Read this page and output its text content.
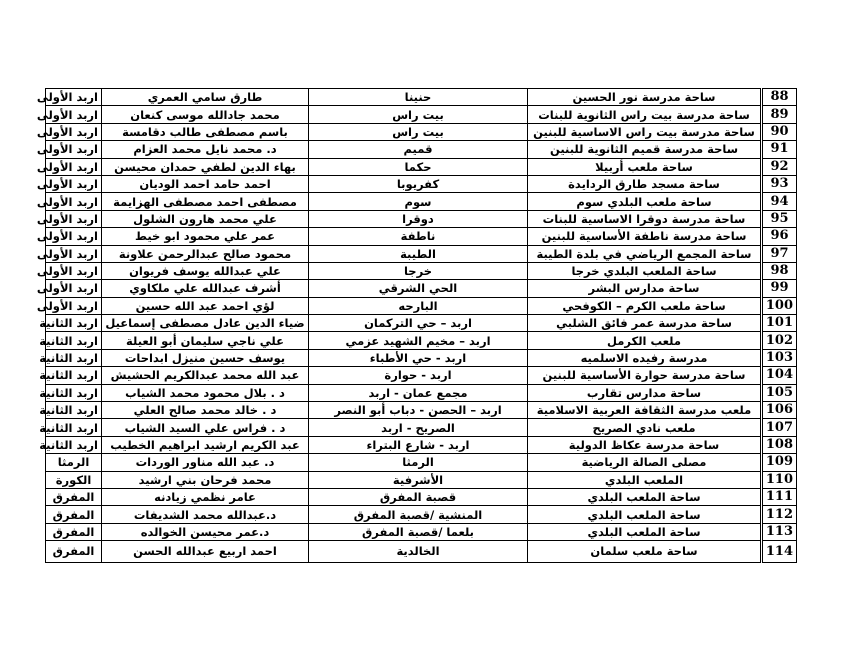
88	ساحة مدرسة نور الحسين	حنينا	طارق سامي العمري	اربد الأولى
89	ساحة مدرسة بيت راس الثانوية للبنات	بيت راس	محمد جادالله موسى كنعان	اربد الأولى
90	ساحة مدرسة بيت راس الاساسية للبنين	بيت راس	باسم مصطفى طالب دقامسة	اربد الأولى
91	ساحة مدرسة قميم الثانوية للبنين	قميم	د. محمد نايل محمد العزام	اربد الأولى
92	ساحة ملعب أربيلا	حكما	بهاء الدين لطفي حمدان محيسن	اربد الأولى
93	ساحة مسجد طارق الردايدة	كفريوبا	احمد حامد احمد الوديان	اربد الأولى
94	ساحة ملعب البلدي سوم	سوم	مصطفى احمد مصطفى الهزايمة	اربد الأولى
95	ساحة مدرسة دوقرا الاساسية للبنات	دوقرا	علي محمد هارون الشلول	اربد الأولى
96	ساحة مدرسة ناطفة الأساسية للبنين	ناطفة	عمر علي محمود ابو خيط	اربد الأولى
97	ساحة المجمع الرياضي في بلدة الطيبة	الطيبة	محمود صالح عبدالرحمن علاونة	اربد الأولى
98	ساحة الملعب البلدي خرجا	خرجا	علي عبدالله يوسف فريوان	اربد الأولى
99	ساحة مدارس البشر	الحي الشرقي	أشرف عبدالله علي ملكاوي	اربد الأولى
100	ساحة ملعب الكرم – الكوفحي	البارحه	لؤي احمد عبد الله حسين	اربد الأولى
101	ساحة مدرسة عمر فائق الشلبي	اربد – حي التركمان	ضياء الدين عادل مصطفى إسماعيل	اربد الثانية
102	ملعب الكرمل	اربد – مخيم الشهيد عزمي	علي ناجي سليمان أبو العيلة	اربد الثانية
103	مدرسة رفيده الاسلميه	اربد - حي الأطباء	يوسف حسين منيزل ابداحات	اربد الثانية
104	ساحة مدرسة حوارة الأساسية للبنين	اربد - حوارة	عبد الله محمد عبدالكريم الحشيش	اربد الثانية
105	ساحة مدارس تقارب	مجمع عمان - اربد	د . بلال محمود محمد الشياب	اربد الثانية
106	ملعب مدرسة الثقافة العربية الاسلامية	اربد – الحصن - دباب أبو النصر	د . خالد محمد صالح العلي	اربد الثانية
107	ملعب نادي الصريح	الصريح - اربد	د . فراس علي السيد الشياب	اربد الثانية
108	ساحة مدرسة عكاظ الدولية	اربد - شارع البتراء	عبد الكريم ارشيد ابراهيم الخطيب	اربد الثانية
109	مصلى الصالة الرياضية	الرمثا	د. عبد الله مناور الوردات	الرمثا
110	الملعب البلدي	الأشرفية	محمد فرحان بني ارشيد	الكورة
111	ساحة الملعب البلدي	قصبة المفرق	عامر نظمي زيادنه	المفرق
112	ساحة الملعب البلدي	المنشية /قصبة المفرق	د.عبدالله محمد الشديفات	المفرق
113	ساحة الملعب البلدي	بلعما /قصبة المفرق	د.عمر محيسن الخوالده	المفرق
114	ساحة ملعب سلمان	الخالدية	احمد اربيع عبدالله الحسن	المفرق
